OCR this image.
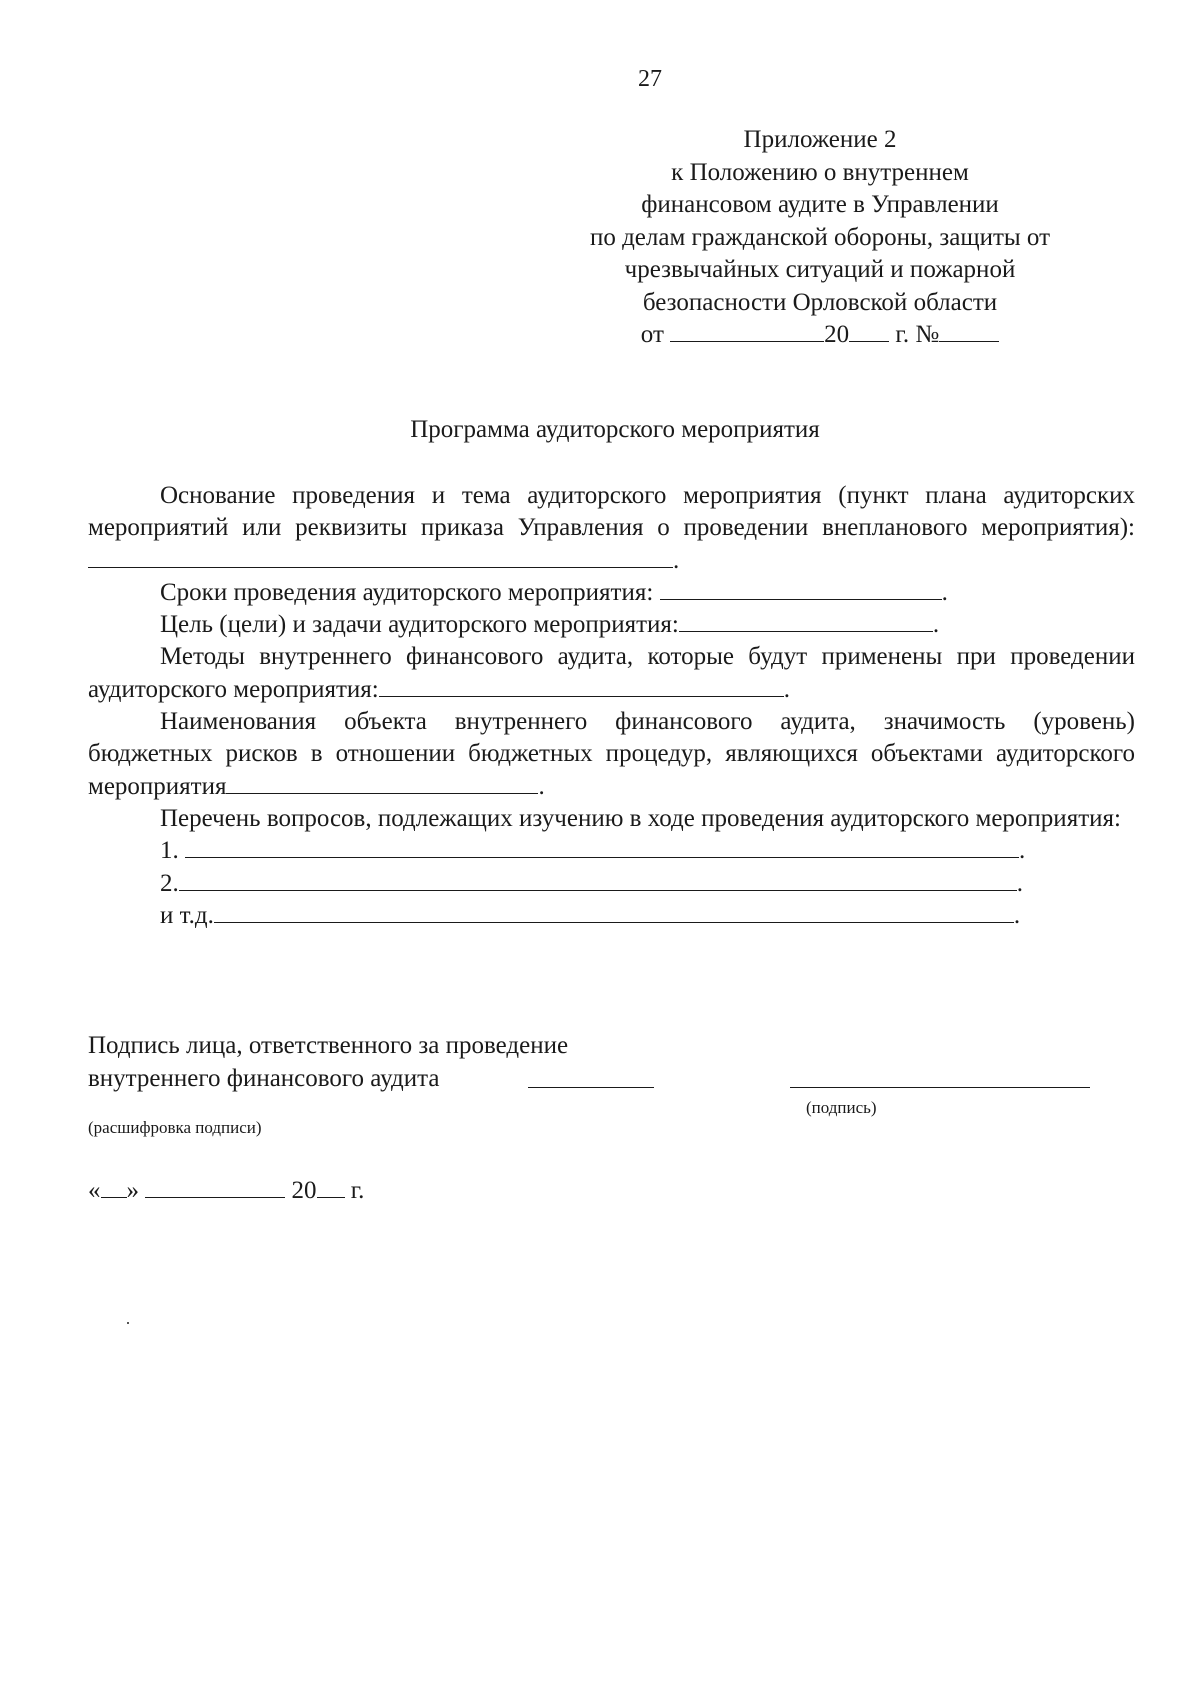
27
Приложение 2
к Положению о внутреннем
финансовом аудите в Управлении
по делам гражданской обороны, защиты от
чрезвычайных ситуаций и пожарной
безопасности Орловской области
от	20 г. №
Программа аудиторского мероприятия

Основание проведения и тема аудиторского мероприятия (пункт плана аудиторских мероприятий или реквизиты приказа Управления о проведении внепланового мероприятия): .

Сроки проведения аудиторского мероприятия:	.

Цель (цели) и задачи аудиторского мероприятия:	.

Методы внутреннего финансового аудита, которые будут применены при проведении аудиторского мероприятия:	.

Наименования объекта внутреннего финансового аудита, значимость (уровень) бюджетных рисков в отношении бюджетных процедур, являющихся объектами аудиторского мероприятия	.

Перечень вопросов, подлежащих изучению в ходе проведения аудиторского мероприятия:

1.	.

2.	.

и т.д.	.

Подпись лица, ответственного за проведение
внутреннего финансового аудита
(подпись)
(расшифровка подписи)
« »	20 г.
